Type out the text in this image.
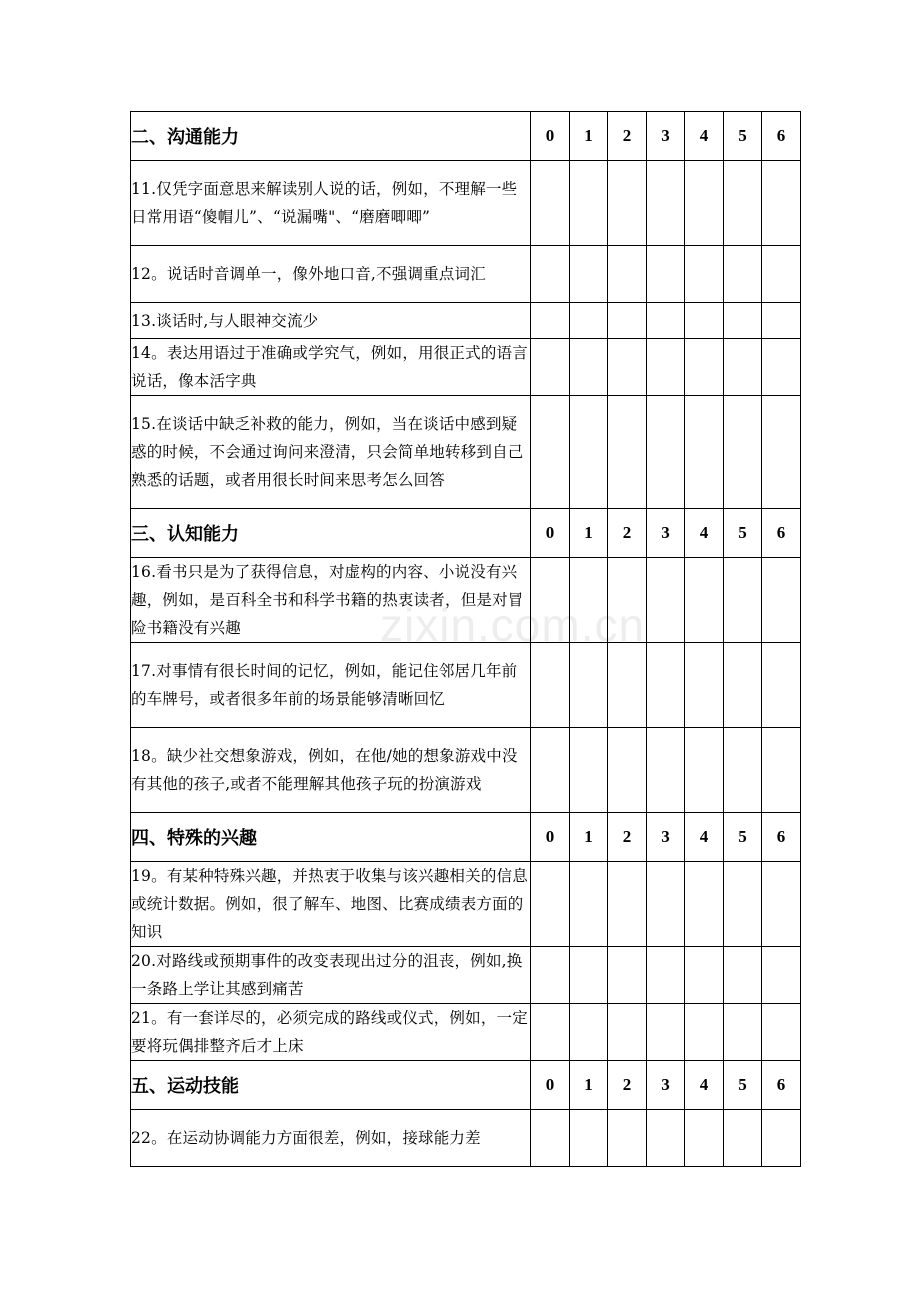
二、沟通能力	0	1	2	3	4	5	6
11.仅凭字面意思来解读别人说的话，例如，不理解一些日常用语“傻帽儿”、“说漏嘴"、“磨磨唧唧”							
12。说话时音调单一，像外地口音,不强调重点词汇							
13.谈话时,与人眼神交流少							
14。表达用语过于准确或学究气，例如，用很正式的语言说话，像本活字典							
15.在谈话中缺乏补救的能力，例如，当在谈话中感到疑惑的时候，不会通过询问来澄清，只会简单地转移到自己熟悉的话题，或者用很长时间来思考怎么回答							
三、认知能力	0	1	2	3	4	5	6
16.看书只是为了获得信息，对虚构的内容、小说没有兴趣，例如，是百科全书和科学书籍的热衷读者，但是对冒险书籍没有兴趣							
17.对事情有很长时间的记忆，例如，能记住邻居几年前的车牌号，或者很多年前的场景能够清晰回忆							
18。缺少社交想象游戏，例如，在他/她的想象游戏中没有其他的孩子,或者不能理解其他孩子玩的扮演游戏							
四、特殊的兴趣	0	1	2	3	4	5	6
19。有某种特殊兴趣，并热衷于收集与该兴趣相关的信息或统计数据。例如，很了解车、地图、比赛成绩表方面的知识							
20.对路线或预期事件的改变表现出过分的沮丧，例如,换一条路上学让其感到痛苦							
21。有一套详尽的，必须完成的路线或仪式，例如，一定要将玩偶排整齐后才上床							
五、运动技能	0	1	2	3	4	5	6
22。在运动协调能力方面很差，例如，接球能力差							
zixin.com.cn
